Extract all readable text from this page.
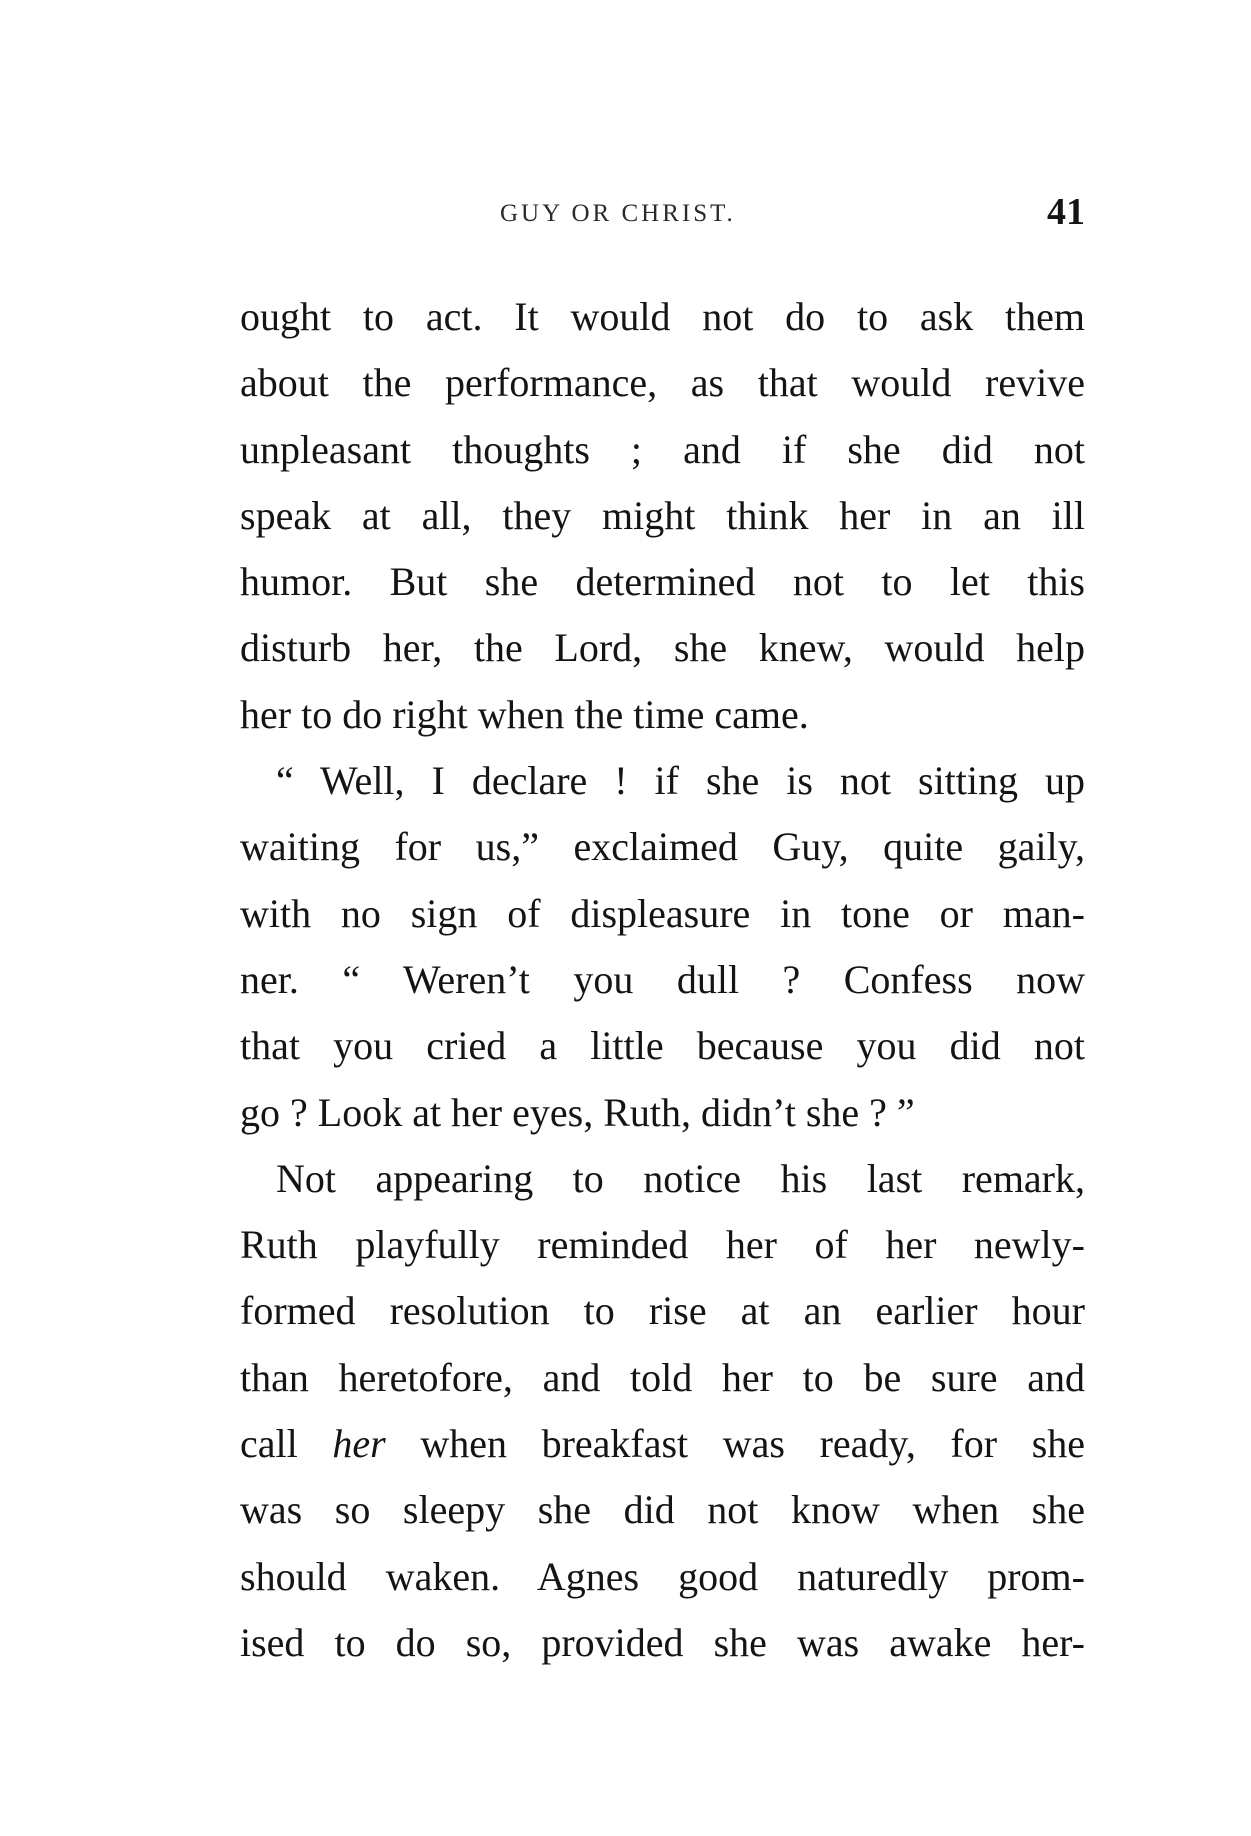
GUY OR CHRIST.	41
ought to act. It would not do to ask them
about the performance, as that would revive
unpleasant thoughts ; and if she did not
speak at all, they might think her in an ill
humor. But she determined not to let this
disturb her, the Lord, she knew, would help
her to do right when the time came.
“ Well, I declare ! if she is not sitting up
waiting for us,” exclaimed Guy, quite gaily,
with no sign of displeasure in tone or man-
ner. “ Weren’t you dull ? Confess now
that you cried a little because you did not
go ? Look at her eyes, Ruth, didn’t she ? ”
Not appearing to notice his last remark,
Ruth playfully reminded her of her newly-
formed resolution to rise at an earlier hour
than heretofore, and told her to be sure and
call her when breakfast was ready, for she
was so sleepy she did not know when she
should waken. Agnes good naturedly prom-
ised to do so, provided she was awake her-
